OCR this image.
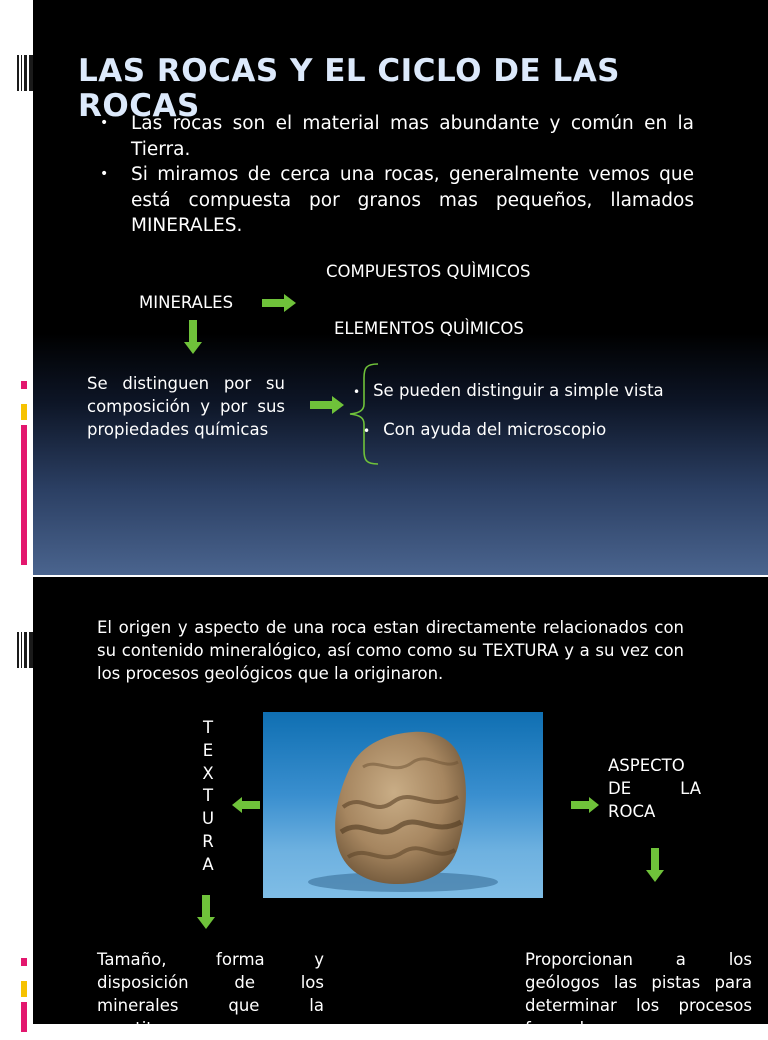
LAS ROCAS Y EL CICLO DE LAS ROCAS
• Las rocas son el material mas abundante y común en la Tierra.
• Si miramos de cerca una rocas, generalmente vemos que está compuesta por granos mas pequeños, llamados MINERALES.

COMPUESTOS QUÌMICOS

MINERALES

ELEMENTOS QUÌMICOS

Se distinguen por su composición y por sus propiedades químicas

• Se pueden distinguir a simple vista

• Con ayuda del microscopio

El origen y aspecto de una roca estan directamente relacionados con su contenido mineralógico, así como como su TEXTURA y a su vez con los procesos geológicos que la originaron.

T
E
X
T
U
R
A

ASPECTO DE LA ROCA

Tamaño, forma y disposición de los minerales que la constituyen

Proporcionan a los geólogos las pistas para determinar los procesos formadores
